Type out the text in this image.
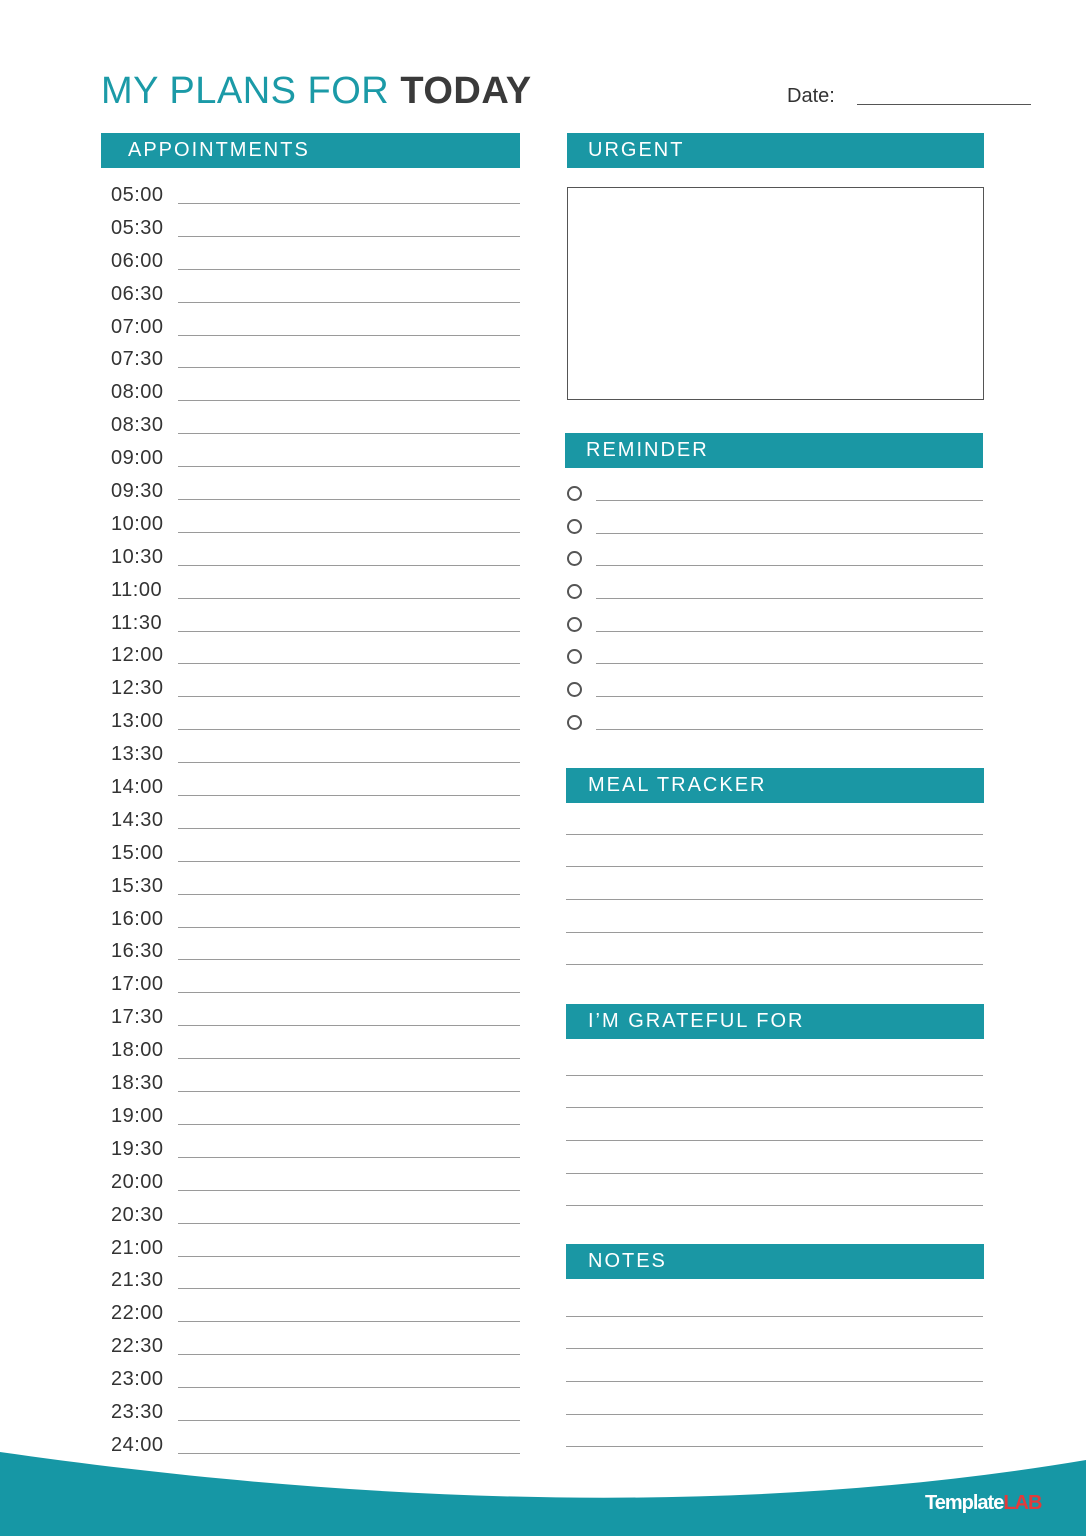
MY PLANS FOR TODAY	Date:
APPOINTMENTS	URGENT
REMINDER
MEAL TRACKER
I’M GRATEFUL FOR
NOTES
05:00
05:30
06:00
06:30
07:00
07:30
08:00
08:30
09:00
09:30
10:00
10:30
11:00
11:30
12:00
12:30
13:00
13:30
14:00
14:30
15:00
15:30
16:00
16:30
17:00
17:30
18:00
18:30
19:00
19:30
20:00
20:30
21:00
21:30
22:00
22:30
23:00
23:30
24:00
TemplateLAB
